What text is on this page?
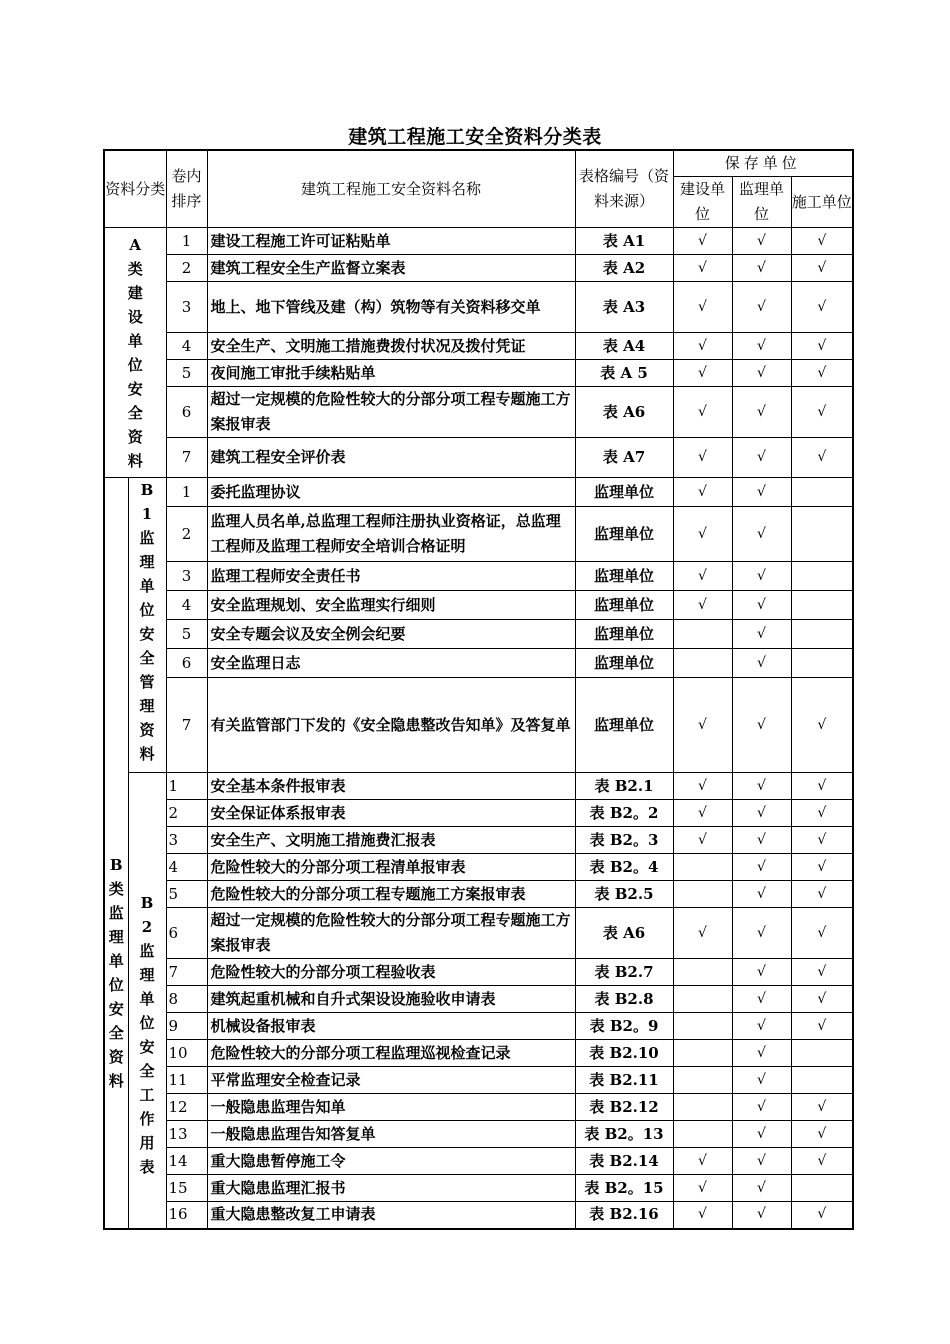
建筑工程施工安全资料分类表
资料分类		卷内排序	建筑工程施工安全资料名称	表格编号（资料来源）	保存单位		
					建设单位	监理单位	施工单位

A类建设单位安全资料		1	建设工程施工许可证粘贴单	表 A1	√	√	√
		2	建筑工程安全生产监督立案表	表 A2	√	√	√
		3	地上、地下管线及建（构）筑物等有关资料移交单	表 A3	√	√	√
		4	安全生产、文明施工措施费拨付状况及拨付凭证	表 A4	√	√	√
		5	夜间施工审批手续粘贴单	表 A 5	√	√	√
		6	超过一定规模的危险性较大的分部分项工程专题施工方案报审表	表 A6	√	√	√
		7	建筑工程安全评价表	表 A7	√	√	√

B类监理单位安全资料	B1监理单位安全管理资料	1	委托监理协议	监理单位	√	√	
		2	监理人员名单,总监理工程师注册执业资格证，总监理工程师及监理工程师安全培训合格证明	监理单位	√	√	
		3	监理工程师安全责任书	监理单位	√	√	
		4	安全监理规划、安全监理实行细则	监理单位	√	√	
		5	安全专题会议及安全例会纪要	监理单位		√	
		6	安全监理日志	监理单位		√	
		7	有关监管部门下发的《安全隐患整改告知单》及答复单	监理单位	√	√	√

	B2监理单位安全工作用表	1	安全基本条件报审表	表 B2.1	√	√	√
		2	安全保证体系报审表	表 B2。2	√	√	√
		3	安全生产、文明施工措施费汇报表	表 B2。3	√	√	√
		4	危险性较大的分部分项工程清单报审表	表 B2。4		√	√
		5	危险性较大的分部分项工程专题施工方案报审表	表 B2.5		√	√
		6	超过一定规模的危险性较大的分部分项工程专题施工方案报审表	表 A6	√	√	√
		7	危险性较大的分部分项工程验收表	表 B2.7		√	√
		8	建筑起重机械和自升式架设设施验收申请表	表 B2.8		√	√
		9	机械设备报审表	表 B2。9		√	√
		10	危险性较大的分部分项工程监理巡视检查记录	表 B2.10		√	
		11	平常监理安全检查记录	表 B2.11		√	
		12	一般隐患监理告知单	表 B2.12		√	√
		13	一般隐患监理告知答复单	表 B2。13		√	√
		14	重大隐患暂停施工令	表 B2.14	√	√	√
		15	重大隐患监理汇报书	表 B2。15	√	√	
		16	重大隐患整改复工申请表	表 B2.16	√	√	√
